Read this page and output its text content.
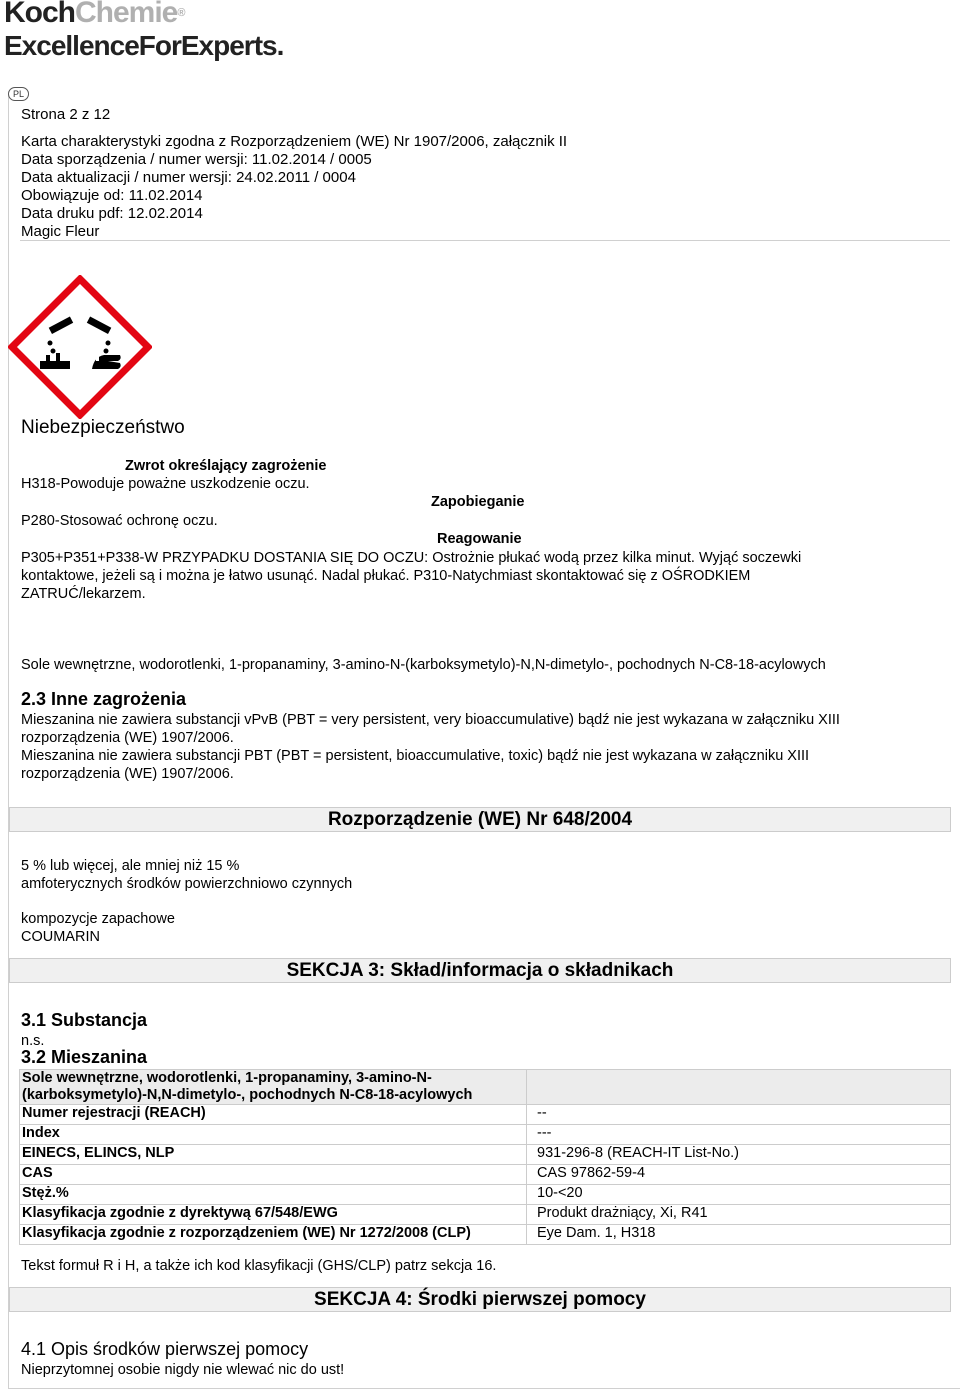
KochChemie®
ExcellenceForExperts.
PL
Strona 2 z 12
Karta charakterystyki zgodna z Rozporządzeniem (WE) Nr 1907/2006, załącznik II
Data sporządzenia / numer wersji: 11.02.2014 / 0005
Data aktualizacji / numer wersji: 24.02.2011 / 0004
Obowiązuje od: 11.02.2014
Data druku pdf: 12.02.2014
Magic Fleur
Niebezpieczeństwo
Zwrot określający zagrożenie
H318-Powoduje poważne uszkodzenie oczu.
Zapobieganie
P280-Stosować ochronę oczu.
Reagowanie
P305+P351+P338-W PRZYPADKU DOSTANIA SIĘ DO OCZU: Ostrożnie płukać wodą przez kilka minut. Wyjąć soczewki
kontaktowe, jeżeli są i można je łatwo usunąć. Nadal płukać. P310-Natychmiast skontaktować się z OŚRODKIEM
ZATRUĆ/lekarzem.
Sole wewnętrzne, wodorotlenki, 1-propanaminy, 3-amino-N-(karboksymetylo)-N,N-dimetylo-, pochodnych N-C8-18-acylowych
2.3 Inne zagrożenia
Mieszanina nie zawiera substancji vPvB (PBT = very persistent, very bioaccumulative) bądź nie jest wykazana w załączniku XIII
rozporządzenia (WE) 1907/2006.
Mieszanina nie zawiera substancji PBT (PBT = persistent, bioaccumulative, toxic) bądź nie jest wykazana w załączniku XIII
rozporządzenia (WE) 1907/2006.
Rozporządzenie (WE) Nr 648/2004
5 % lub więcej, ale mniej niż 15 %
amfoterycznych środków powierzchniowo czynnych
kompozycje zapachowe
COUMARIN
SEKCJA 3: Skład/informacja o składnikach
3.1 Substancja
n.s.
3.2 Mieszanina
Sole wewnętrzne, wodorotlenki, 1-propanaminy, 3-amino-N-
(karboksymetylo)-N,N-dimetylo-, pochodnych N-C8-18-acylowych	

Numer rejestracji (REACH)	--
Index	---
EINECS, ELINCS, NLP	931-296-8 (REACH-IT List-No.)
CAS	CAS 97862-59-4
Stęż.%	10-<20
Klasyfikacja zgodnie z dyrektywą 67/548/EWG	Produkt drażniący, Xi, R41
Klasyfikacja zgodnie z rozporządzeniem (WE) Nr 1272/2008 (CLP)	Eye Dam. 1, H318
Tekst formuł R i H, a także ich kod klasyfikacji (GHS/CLP) patrz sekcja 16.
SEKCJA 4: Środki pierwszej pomocy
4.1 Opis środków pierwszej pomocy
Nieprzytomnej osobie nigdy nie wlewać nic do ust!
